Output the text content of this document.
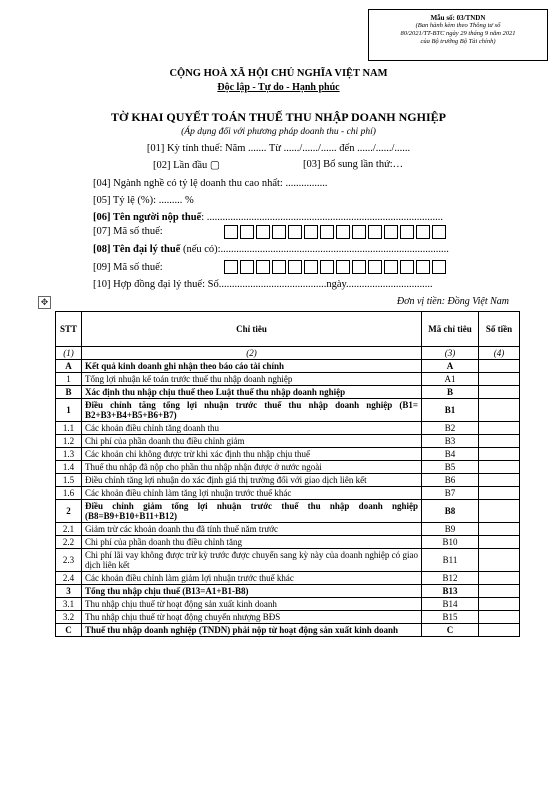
Mẫu số: 03/TNDN
(Ban hành kèm theo Thông tư số
80/2021/TT-BTC ngày 29 tháng 9 năm 2021
của Bộ trưởng Bộ Tài chính)
CỘNG HOÀ XÃ HỘI CHỦ NGHĨA VIỆT NAM
Độc lập - Tự do - Hạnh phúc
TỜ KHAI QUYẾT TOÁN THUẾ THU NHẬP DOANH NGHIỆP
(Áp dụng đối với phương pháp doanh thu - chi phí)
[01] Kỳ tính thuế: Năm ....... Từ ....../....../...... đến ....../....../......
[02] Lần đầu ▢	[03] Bổ sung lần thứ:…
[04] Ngành nghề có tỷ lệ doanh thu cao nhất: ................
[05] Tỷ lệ (%): ......... %
[06] Tên người nộp thuế: ..........................................................................................
[07] Mã số thuế:
[08] Tên đại lý thuế (nếu có):.......................................................................................
[09] Mã số thuế:
[10] Hợp đồng đại lý thuế: Số.........................................ngày.................................
✥	Đơn vị tiền: Đồng Việt Nam
STT	Chỉ tiêu	Mã chỉ tiêu	Số tiền
(1)	(2)	(3)	(4)
A	Kết quả kinh doanh ghi nhận theo báo cáo tài chính	A	
1	Tổng lợi nhuận kế toán trước thuế thu nhập doanh nghiệp	A1	
B	Xác định thu nhập chịu thuế theo Luật thuế thu nhập doanh nghiệp	B	
1	Điều chỉnh tăng tổng lợi nhuận trước thuế thu nhập doanh nghiệp (B1= B2+B3+B4+B5+B6+B7)	B1	
1.1	Các khoản điều chỉnh tăng doanh thu	B2	
1.2	Chi phí của phần doanh thu điều chỉnh giảm	B3	
1.3	Các khoản chi không được trừ khi xác định thu nhập chịu thuế	B4	
1.4	Thuế thu nhập đã nộp cho phần thu nhập nhận được ở nước ngoài	B5	
1.5	Điều chỉnh tăng lợi nhuận do xác định giá thị trường đối với giao dịch liên kết	B6	
1.6	Các khoản điều chỉnh làm tăng lợi nhuận trước thuế khác	B7	
2	Điều chỉnh giảm tổng lợi nhuận trước thuế thu nhập doanh nghiệp (B8=B9+B10+B11+B12)	B8	
2.1	Giảm trừ các khoản doanh thu đã tính thuế năm trước	B9	
2.2	Chi phí của phần doanh thu điều chỉnh tăng	B10	
2.3	Chi phí lãi vay không được trừ kỳ trước được chuyển sang kỳ này của doanh nghiệp có giao dịch liên kết	B11	
2.4	Các khoản điều chỉnh làm giảm lợi nhuận trước thuế khác	B12	
3	Tổng thu nhập chịu thuế (B13=A1+B1-B8)	B13	
3.1	Thu nhập chịu thuế từ hoạt động sản xuất kinh doanh	B14	
3.2	Thu nhập chịu thuế từ hoạt động chuyển nhượng BĐS	B15	
C	Thuế thu nhập doanh nghiệp (TNDN) phải nộp từ hoạt động sản xuất kinh doanh	C	
